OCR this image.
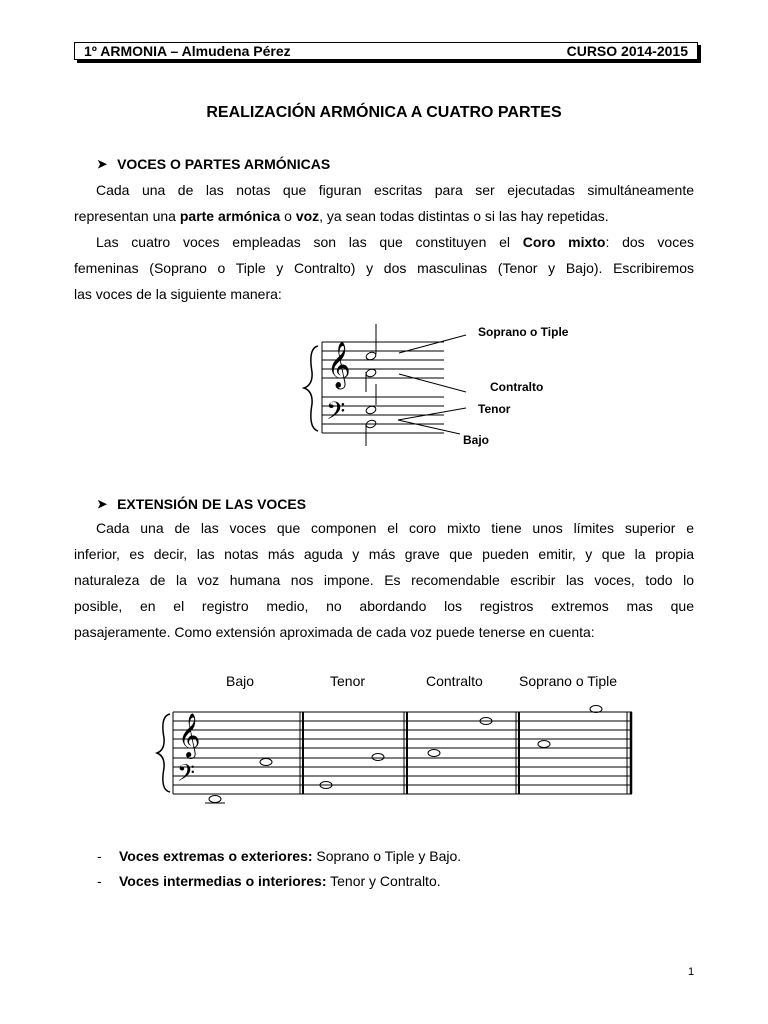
1º ARMONIA – Almudena Pérez	CURSO 2014-2015
REALIZACIÓN ARMÓNICA A CUATRO PARTES
➤ VOCES O PARTES ARMÓNICAS
Cada una de las notas que figuran escritas para ser ejecutadas simultáneamente
representan una parte armónica o voz, ya sean todas distintas o si las hay repetidas.
Las cuatro voces empleadas son las que constituyen el Coro mixto: dos voces
femeninas (Soprano o Tiple y Contralto) y dos masculinas (Tenor y Bajo). Escribiremos
las voces de la siguiente manera:
𝄞
𝄢
Soprano o Tiple
Contralto
Tenor
Bajo
➤ EXTENSIÓN DE LAS VOCES
Cada una de las voces que componen el coro mixto tiene unos límites superior e
inferior, es decir, las notas más aguda y más grave que pueden emitir, y que la propia
naturaleza de la voz humana nos impone. Es recomendable escribir las voces, todo lo
posible, en el registro medio, no abordando los registros extremos mas que
pasajeramente. Como extensión aproximada de cada voz puede tenerse en cuenta:
Bajo	Tenor	Contralto	Soprano o Tiple
𝄞
𝄢
- Voces extremas o exteriores: Soprano o Tiple y Bajo.
- Voces intermedias o interiores: Tenor y Contralto.
1
